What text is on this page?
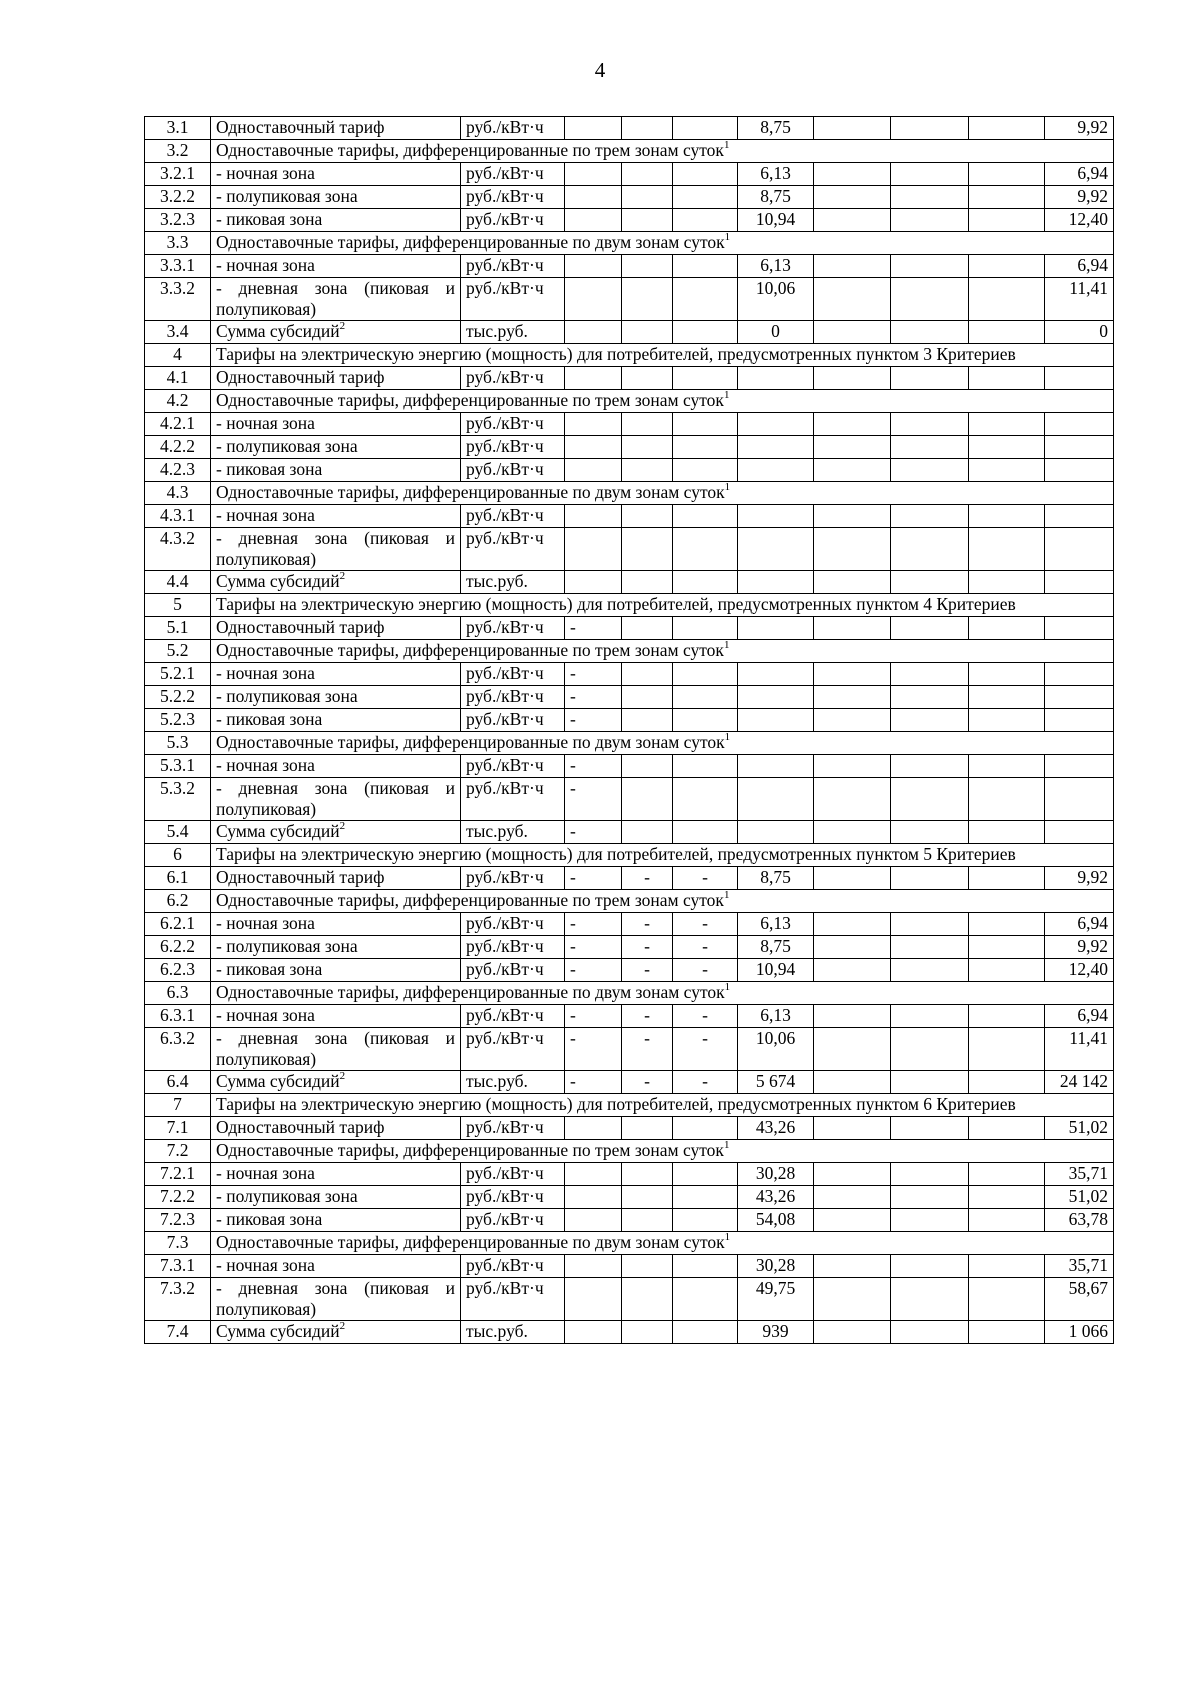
4
3.1	Одноставочный тариф	руб./кВт·ч				8,75				9,92
3.2	Одноставочные тарифы, дифференцированные по трем зонам суток$^1$
3.2.1	- ночная зона	руб./кВт·ч				6,13				6,94
3.2.2	- полупиковая зона	руб./кВт·ч				8,75				9,92
3.2.3	- пиковая зона	руб./кВт·ч				10,94				12,40
3.3	Одноставочные тарифы, дифференцированные по двум зонам суток$^1$
3.3.1	- ночная зона	руб./кВт·ч				6,13				6,94
3.3.2	- дневная зона (пиковая и полупиковая)	руб./кВт·ч				10,06				11,41
3.4	Сумма субсидий$^2$	тыс.руб.				0				0
4	Тарифы на электрическую энергию (мощность) для потребителей, предусмотренных пунктом 3 Критериев									
4.1	Одноставочный тариф	руб./кВт·ч								
4.2	Одноставочные тарифы, дифференцированные по трем зонам суток$^1$
4.2.1	- ночная зона	руб./кВт·ч								
4.2.2	- полупиковая зона	руб./кВт·ч								
4.2.3	- пиковая зона	руб./кВт·ч								
4.3	Одноставочные тарифы, дифференцированные по двум зонам суток$^1$
4.3.1	- ночная зона	руб./кВт·ч								
4.3.2	- дневная зона (пиковая и полупиковая)	руб./кВт·ч								
4.4	Сумма субсидий$^2$	тыс.руб.								
5	Тарифы на электрическую энергию (мощность) для потребителей, предусмотренных пунктом 4 Критериев									
5.1	Одноставочный тариф	руб./кВт·ч	-							
5.2	Одноставочные тарифы, дифференцированные по трем зонам суток$^1$
5.2.1	- ночная зона	руб./кВт·ч	-							
5.2.2	- полупиковая зона	руб./кВт·ч	-							
5.2.3	- пиковая зона	руб./кВт·ч	-							
5.3	Одноставочные тарифы, дифференцированные по двум зонам суток$^1$
5.3.1	- ночная зона	руб./кВт·ч	-							
5.3.2	- дневная зона (пиковая и полупиковая)	руб./кВт·ч	-							
5.4	Сумма субсидий$^2$	тыс.руб.	-							
6	Тарифы на электрическую энергию (мощность) для потребителей, предусмотренных пунктом 5 Критериев									
6.1	Одноставочный тариф	руб./кВт·ч	-	-	-	8,75				9,92
6.2	Одноставочные тарифы, дифференцированные по трем зонам суток$^1$
6.2.1	- ночная зона	руб./кВт·ч	-	-	-	6,13				6,94
6.2.2	- полупиковая зона	руб./кВт·ч	-	-	-	8,75				9,92
6.2.3	- пиковая зона	руб./кВт·ч	-	-	-	10,94				12,40
6.3	Одноставочные тарифы, дифференцированные по двум зонам суток$^1$
6.3.1	- ночная зона	руб./кВт·ч	-	-	-	6,13				6,94
6.3.2	- дневная зона (пиковая и полупиковая)	руб./кВт·ч	-	-	-	10,06				11,41
6.4	Сумма субсидий$^2$	тыс.руб.	-	-	-	5 674				24 142
7	Тарифы на электрическую энергию (мощность) для потребителей, предусмотренных пунктом 6 Критериев									
7.1	Одноставочный тариф	руб./кВт·ч				43,26				51,02
7.2	Одноставочные тарифы, дифференцированные по трем зонам суток$^1$
7.2.1	- ночная зона	руб./кВт·ч				30,28				35,71
7.2.2	- полупиковая зона	руб./кВт·ч				43,26				51,02
7.2.3	- пиковая зона	руб./кВт·ч				54,08				63,78
7.3	Одноставочные тарифы, дифференцированные по двум зонам суток$^1$
7.3.1	- ночная зона	руб./кВт·ч				30,28				35,71
7.3.2	- дневная зона (пиковая и полупиковая)	руб./кВт·ч				49,75				58,67
7.4	Сумма субсидий$^2$	тыс.руб.				939				1 066
